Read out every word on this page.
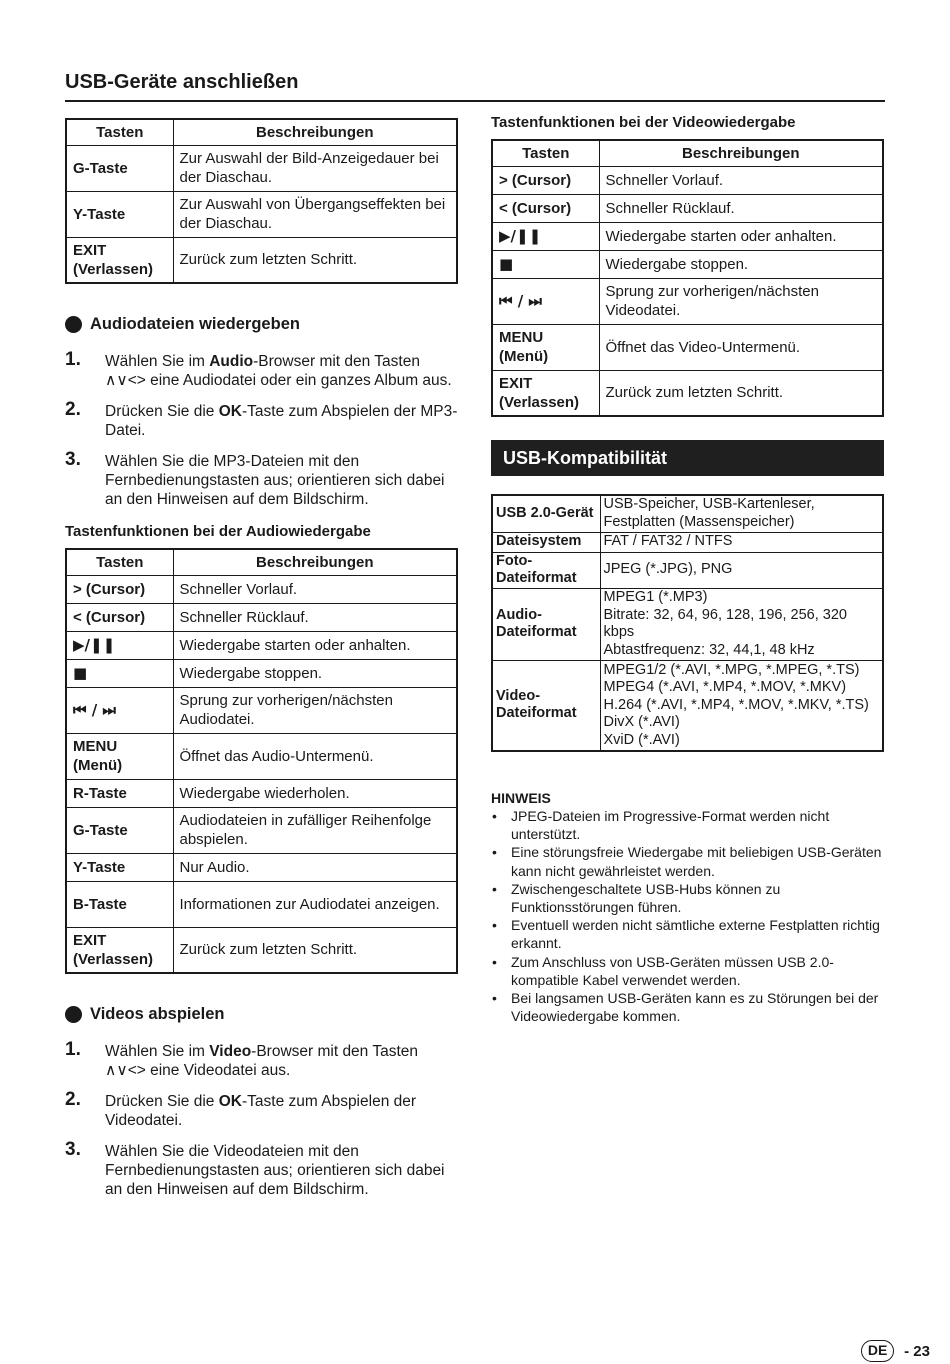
USB-Geräte anschließen
Tasten	Beschreibungen
G-Taste	Zur Auswahl der Bild-Anzeigedauer bei der Diaschau.
Y-Taste	Zur Auswahl von Übergangseffekten bei der Diaschau.
EXIT (Verlassen)	Zurück zum letzten Schritt.
Audiodateien wiedergeben
1. Wählen Sie im Audio-Browser mit den Tasten ∧∨<> eine Audiodatei oder ein ganzes Album aus.
2. Drücken Sie die OK-Taste zum Abspielen der MP3-Datei.
3. Wählen Sie die MP3-Dateien mit den Fernbedienungstasten aus; orientieren sich dabei an den Hinweisen auf dem Bildschirm.
Tastenfunktionen bei der Audiowiedergabe
Tasten	Beschreibungen
> (Cursor)	Schneller Vorlauf.
< (Cursor)	Schneller Rücklauf.
▶/❚❚	Wiedergabe starten oder anhalten.
■	Wiedergabe stoppen.
⏮ / ⏭	Sprung zur vorherigen/nächsten Audiodatei.
MENU (Menü)	Öffnet das Audio-Untermenü.
R-Taste	Wiedergabe wiederholen.
G-Taste	Audiodateien in zufälliger Reihenfolge abspielen.
Y-Taste	Nur Audio.
B-Taste	Informationen zur Audiodatei anzeigen.
EXIT (Verlassen)	Zurück zum letzten Schritt.
Videos abspielen
1. Wählen Sie im Video-Browser mit den Tasten ∧∨<> eine Videodatei aus.
2. Drücken Sie die OK-Taste zum Abspielen der Videodatei.
3. Wählen Sie die Videodateien mit den Fernbedienungstasten aus; orientieren sich dabei an den Hinweisen auf dem Bildschirm.
Tastenfunktionen bei der Videowiedergabe
Tasten	Beschreibungen
> (Cursor)	Schneller Vorlauf.
< (Cursor)	Schneller Rücklauf.
▶/❚❚	Wiedergabe starten oder anhalten.
■	Wiedergabe stoppen.
⏮ / ⏭	Sprung zur vorherigen/nächsten Videodatei.
MENU (Menü)	Öffnet das Video-Untermenü.
EXIT (Verlassen)	Zurück zum letzten Schritt.
USB-Kompatibilität
USB 2.0-Gerät	USB-Speicher, USB-Kartenleser,
Festplatten (Massenspeicher)

Dateisystem	FAT / FAT32 / NTFS

Foto-Dateiformat	JPEG (*.JPG), PNG

Audio-Dateiformat	MPEG1 (*.MP3)
Bitrate: 32, 64, 96, 128, 196, 256, 320 kbps
Abtastfrequenz: 32, 44,1, 48 kHz

Video-Dateiformat	MPEG1/2 (*.AVI, *.MPG, *.MPEG, *.TS)
MPEG4 (*.AVI, *.MP4, *.MOV, *.MKV)
H.264 (*.AVI, *.MP4, *.MOV, *.MKV, *.TS)
DivX (*.AVI)
XviD (*.AVI)
HINWEIS
• JPEG-Dateien im Progressive-Format werden nicht unterstützt.
• Eine störungsfreie Wiedergabe mit beliebigen USB-Geräten kann nicht gewährleistet werden.
• Zwischengeschaltete USB-Hubs können zu Funktionsstörungen führen.
• Eventuell werden nicht sämtliche externe Festplatten richtig erkannt.
• Zum Anschluss von USB-Geräten müssen USB 2.0-kompatible Kabel verwendet werden.
• Bei langsamen USB-Geräten kann es zu Störungen bei der Videowiedergabe kommen.
DE	- 23
